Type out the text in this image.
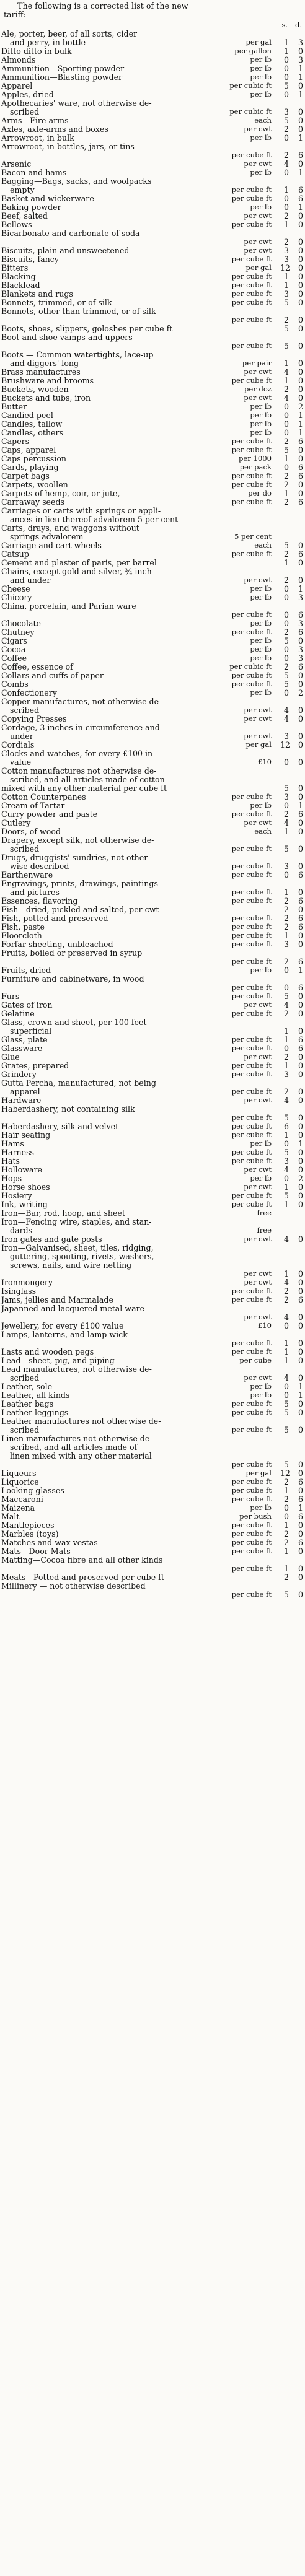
The following is a corrected list of the new
tariff:—
s. d.
Ale, porter, beer, of all sorts, cider
and perry, in bottle	per gal	1	3
Ditto ditto in bulk	per gallon	1	0
Almonds	per lb	0	3
Ammunition—Sporting powder	per lb	0	1
Ammunition—Blasting powder	per lb	0	1
Apparel	per cubic ft	5	0
Apples, dried	per lb	0	1
Apothecaries' ware, not otherwise de-
scribed	per cubic ft	3	0
Arms—Fire-arms	each	5	0
Axles, axle-arms and boxes	per cwt	2	0
Arrowroot, in bulk	per lb	0	1
Arrowroot, in bottles, jars, or tins
per cube ft	2	6
Arsenic	per cwt	4	0
Bacon and hams	per lb	0	1
Bagging—Bags, sacks, and woolpacks
empty	per cube ft	1	6
Basket and wickerware	per cube ft	0	6
Baking powder	per lb	0	1
Beef, salted	per cwt	2	0
Bellows	per cube ft	1	0
Bicarbonate and carbonate of soda
per cwt	2	0
Biscuits, plain and unsweetened	per cwt	3	0
Biscuits, fancy	per cube ft	3	0
Bitters	per gal 12	0
Blacking	per cube ft	1	0
Blacklead	per cube ft	1	0
Blankets and rugs	per cube ft	3	0
Bonnets, trimmed, or of silk	per cube ft	5	0
Bonnets, other than trimmed, or of silk
per cube ft	2	0
Boots, shoes, slippers, goloshes per cube ft	5	0
Boot and shoe vamps and uppers
per cube ft	5	0
Boots — Common watertights, lace-up
and diggers' long	per pair	1	0
Brass manufactures	per cwt	4	0
Brushware and brooms	per cube ft	1	0
Buckets, wooden	per doz	2	0
Buckets and tubs, iron	per cwt	4	0
Butter	per lb	0	2
Candied peel	per lb	0	1
Candles, tallow	per lb	0	1
Candles, others	per lb	0	1
Capers	per cube ft	2	6
Caps, apparel	per cube ft	5	0
Caps percussion	per 1000	1	0
Cards, playing	per pack	0	6
Carpet bags	per cube ft	2	6
Carpets, woollen	per cube ft	2	0
Carpets of hemp, coir, or jute,	per do	1	0
Carraway seeds	per cube ft	2	6
Carriages or carts with springs or appli-
ances in lieu thereof advalorem 5 per cent
Carts, drays, and waggons without
springs advalorem	5 per cent
Carriage and cart wheels	each	5	0
Catsup	per cube ft	2	6
Cement and plaster of paris, per barrel	1	0
Chains, except gold and silver, ¾ inch
and under	per cwt	2	0
Cheese	per lb	0	1
Chicory	per lb	0	3
China, porcelain, and Parian ware
per cube ft	0	6
Chocolate	per lb	0	3
Chutney	per cube ft	2	6
Cigars	per lb	5	0
Cocoa	per lb	0	3
Coffee	per lb	0	3
Coffee, essence of	per cubic ft	2	6
Collars and cuffs of paper	per cube ft	5	0
Combs	per cube ft	5	0
Confectionery	per lb	0	2
Copper manufactures, not otherwise de-
scribed	per cwt	4	0
Copying Presses	per cwt	4	0
Cordage, 3 inches in circumference and
under	per cwt	3	0
Cordials	per gal 12	0
Clocks and watches, for every £100 in
value	£10	0	0
Cotton manufactures not otherwise de-
scribed, and all articles made of cotton
mixed with any other material per cube ft	5	0
Cotton Counterpanes	per cube ft	3	0
Cream of Tartar	per lb	0	1
Curry powder and paste	per cube ft	2	6
Cutlery	per cwt	4	0
Doors, of wood	each	1	0
Drapery, except silk, not otherwise de-
scribed	per cube ft	5	0
Drugs, druggists' sundries, not other-
wise described	per cube ft	3	0
Earthenware	per cube ft	0	6
Engravings, prints, drawings, paintings
and pictures	per cube ft	1	0
Essences, flavoring	per cube ft	2	6
Fish—dried, pickled and salted, per cwt	2	0
Fish, potted and preserved	per cube ft	2	6
Fish, paste	per cube ft	2	6
Floorcloth	per cube ft	1	0
Forfar sheeting, unbleached	per cube ft	3	0
Fruits, boiled or preserved in syrup
per cube ft	2	6
Fruits, dried	per lb	0	1
Furniture and cabinetware, in wood
per cube ft	0	6
Furs	per cube ft	5	0
Gates of iron	per cwt	4	0
Gelatine	per cube ft	2	0
Glass, crown and sheet, per 100 feet
superficial	1	0
Glass, plate	per cube ft	1	6
Glassware	per cube ft	0	6
Glue	per cwt	2	0
Grates, prepared	per cube ft	1	0
Grindery	per cube ft	3	0
Gutta Percha, manufactured, not being
apparel	per cube ft	2	0
Hardware	per cwt	4	0
Haberdashery, not containing silk
per cube ft	5	0
Haberdashery, silk and velvet	per cube ft	6	0
Hair seating	per cube ft	1	0
Hams	per lb	0	1
Harness	per cube ft	5	0
Hats	per cube ft	3	0
Holloware	per cwt	4	0
Hops	per lb	0	2
Horse shoes	per cwt	1	0
Hosiery	per cube ft	5	0
Ink, writing	per cube ft	1	0
Iron—Bar, rod, hoop, and sheet	free
Iron—Fencing wire, staples, and stan-
dards	free
Iron gates and gate posts	per cwt	4	0
Iron—Galvanised, sheet, tiles, ridging,
guttering, spouting, rivets, washers,
screws, nails, and wire netting
per cwt	1	0
Ironmongery	per cwt	4	0
Isinglass	per cube ft	2	0
Jams, jellies and Marmalade	per cube ft	2	6
Japanned and lacquered metal ware
per cwt	4	0
Jewellery, for every £100 value	£10	0	0
Lamps, lanterns, and lamp wick
per cube ft	1	0
Lasts and wooden pegs	per cube ft	1	0
Lead—sheet, pig, and piping	per cube	1	0
Lead manufactures, not otherwise de-
scribed	per cwt	4	0
Leather, sole	per lb	0	1
Leather, all kinds	per lb	0	1
Leather bags	per cube ft	5	0
Leather leggings	per cube ft	5	0
Leather manufactures not otherwise de-
scribed	per cube ft	5	0
Linen manufactures not otherwise de-
scribed, and all articles made of
linen mixed with any other material
per cube ft	5	0
Liqueurs	per gal 12	0
Liquorice	per cube ft	2	6
Looking glasses	per cube ft	1	0
Maccaroni	per cube ft	2	6
Maizena	per lb	0	1
Malt	per bush	0	6
Mantlepieces	per cube ft	1	0
Marbles (toys)	per cube ft	2	0
Matches and wax vestas	per cube ft	2	6
Mats—Door Mats	per cube ft	1	0
Matting—Cocoa fibre and all other kinds
per cube ft	1	0
Meats—Potted and preserved per cube ft	2	0
Millinery — not otherwise described
per cube ft	5	0
